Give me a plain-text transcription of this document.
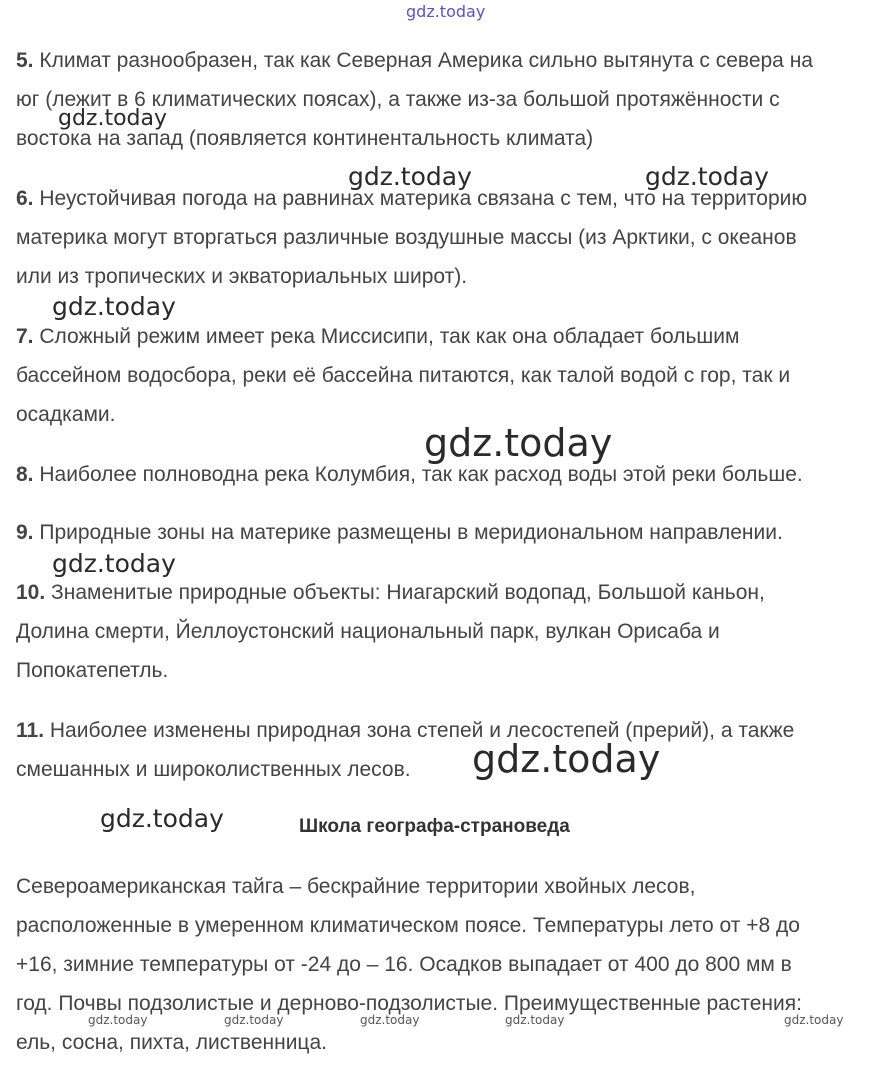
gdz.today
gdz.today
gdz.today	gdz.today
gdz.today
gdz.today
gdz.today
gdz.today
gdz.today
gdz.today	gdz.today	gdz.today	gdz.today	gdz.today
5. Климат разнообразен, так как Северная Америка сильно вытянута с севера на
юг (лежит в 6 климатических поясах), а также из-за большой протяжённости с
востока на запад (появляется континентальность климата)
6. Неустойчивая погода на равнинах материка связана с тем, что на территорию
материка могут вторгаться различные воздушные массы (из Арктики, с океанов
или из тропических и экваториальных широт).
7. Сложный режим имеет река Миссисипи, так как она обладает большим
бассейном водосбора, реки её бассейна питаются, как талой водой с гор, так и
осадками.
8. Наиболее полноводна река Колумбия, так как расход воды этой реки больше.
9. Природные зоны на материке размещены в меридиональном направлении.
10. Знаменитые природные объекты: Ниагарский водопад, Большой каньон,
Долина смерти, Йеллоустонский национальный парк, вулкан Орисаба и
Попокатепетль.
11. Наиболее изменены природная зона степей и лесостепей (прерий), а также
смешанных и широколиственных лесов.
Школа географа-страноведа
Североамериканская тайга – бескрайние территории хвойных лесов,
расположенные в умеренном климатическом поясе. Температуры лето от +8 до
+16, зимние температуры от -24 до – 16. Осадков выпадает от 400 до 800 мм в
год. Почвы подзолистые и дерново-подзолистые. Преимущественные растения:
ель, сосна, пихта, лиственница.
